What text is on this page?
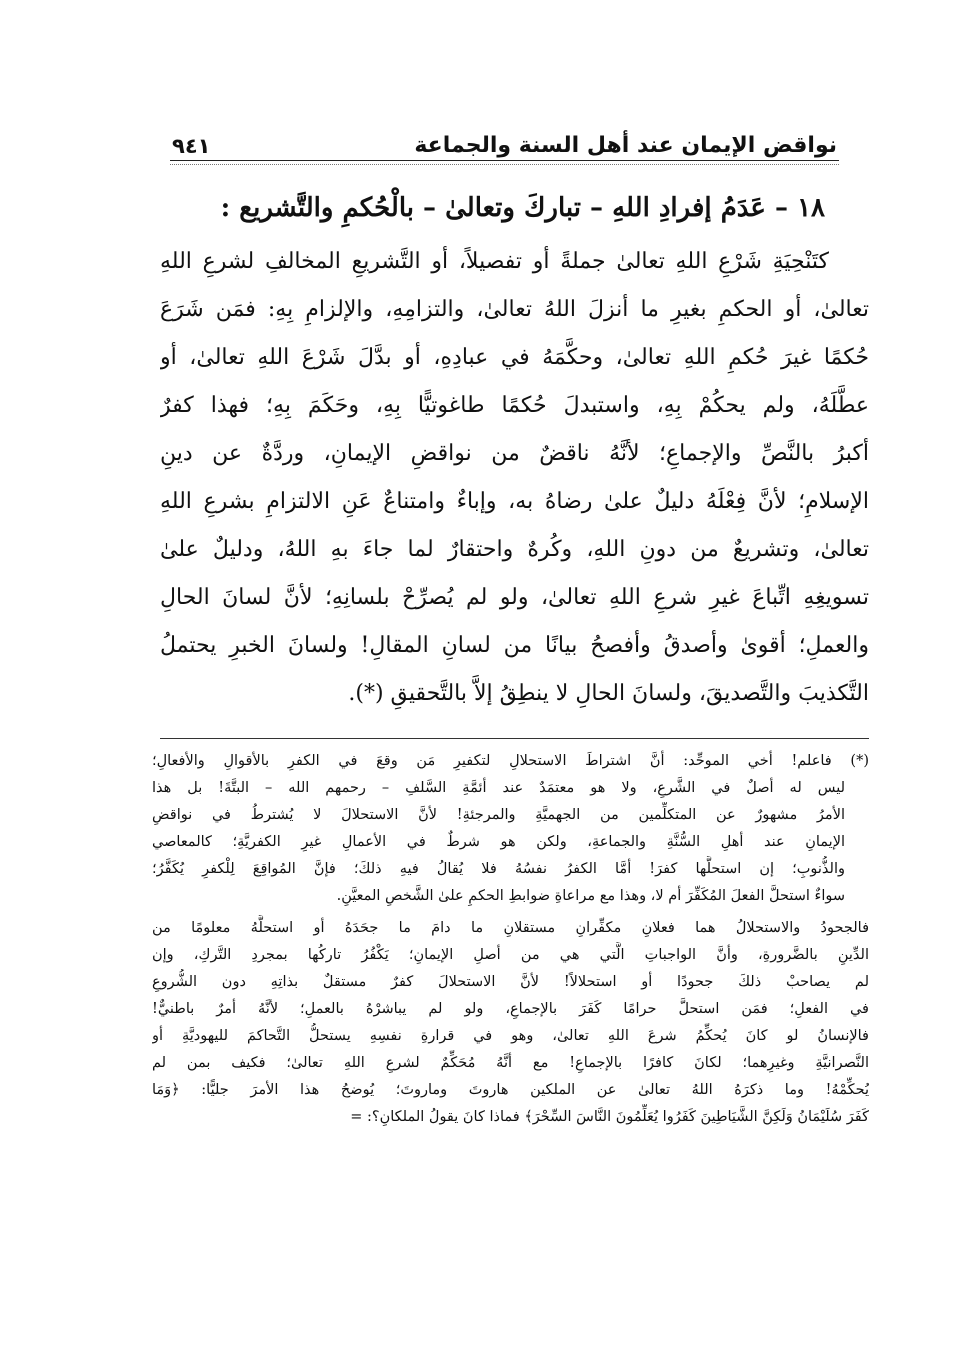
نواقض الإيمان عند أهل السنة والجماعة
٩٤١
١٨ – عَدَمُ إفرادِ اللهِ – تباركَ وتعالىٰ – بالْحُكمِ والتَّشريع :
كتَنْحِيَةِ شَرْعِ اللهِ تعالىٰ جملةً أو تفصيلاً، أو التَّشريعِ المخالفِ لشرعِ اللهِ
تعالىٰ، أو الحكمِ بغيرِ ما أنزلَ اللهُ تعالىٰ، والتزامِهِ، والإلزامِ بِهِ: فمَن شَرَعَ
حُكمًا غيرَ حُكمِ اللهِ تعالىٰ، وحكَّمَهُ في عبادِهِ، أو بدَّلَ شَرْعَ اللهِ تعالىٰ، أو
عطَّلَهُ، ولم يحكُمْ بِهِ، واستبدلَ حُكمًا طاغوتيًّا بِهِ، وحَكَمَ بِهِ؛ فهذا كفرٌ
أكبرُ بالنَّصِّ والإجماعِ؛ لأنَّهُ ناقضٌ من نواقضِ الإيمانِ، وردَّةٌ عن دينِ
الإسلامِ؛ لأنَّ فِعْلَهُ دليلٌ علىٰ رضاهُ به، وإباءٌ وامتناعٌ عَنِ الالتزامِ بشرعِ اللهِ
تعالىٰ، وتشريعٌ من دونِ اللهِ، وكُرهٌ واحتقارٌ لما جاءَ بهِ اللهُ، ودليلٌ علىٰ
تسويغِهِ اتِّباعَ غيرِ شرعِ اللهِ تعالىٰ، ولو لم يُصرِّحْ بلسانِهِ؛ لأنَّ لسانَ الحالِ
والعملِ؛ أقوىٰ وأصدقُ وأفصحُ بيانًا من لسانِ المقالِ! ولسانَ الخبرِ يحتملُ
التَّكذيبَ والتَّصديقَ، ولسانَ الحالِ لا ينطِقُ إلاَّ بالتَّحقيقِ (*).
(*) فاعلم! أخي الموحِّد: أنَّ اشتراطَ الاستحلالِ لتكفيرِ مَن وقعَ في الكفرِ بالأقوالِ والأفعالِ؛
ليس له أصلٌ في الشَّرعِ، ولا هو معتمَدٌ عند أئمَّةِ السَّلفِ – رحمهم الله – البتَّةَ! بل هذا
الأمرُ مشهورٌ عن المتكلِّمين من الجهميَّةِ والمرجئةِ! لأنَّ الاستحلالَ لا يُشترطُ في نواقضِ
الإيمانِ عند أهلِ السُّنَّةِ والجماعةِ، ولكن هو شرطٌ في الأعمالِ غيرِ الكفريَّةِ؛ كالمعاصي
والذُّنوبِ؛ إن استحلَّها كفرَ! أمَّا الكفرُ نفسُهُ فلا يُقالُ فيهِ ذلكَ؛ فإنَّ المُواقِعَ لِلْكفرِ يُكَفَّرُ؛
سواءٌ استحلَّ الفعلَ المُكَفِّرَ أم لا، وهذا مع مراعاةِ ضوابطِ الحكمِ علىٰ الشَّخصِ المعيَّنِ.
فالجحودُ والاستحلالُ هما فعلانِ مكفِّرانِ مستقلانِ ما دامَ ما جحَدَهُ أو استحلَّهُ معلومًا من
الدِّينِ بالضَّرورةِ، وأنَّ الواجباتِ الَّتي هي من أصلِ الإيمانِ؛ يَكْفُرُ تاركُها بمجردِ التَّركِ، وإن
لم يصاحبْ ذلكَ جحودًا أو استحلالاً! لأنَّ الاستحلالَ كفرٌ مستقلٌ بذاتِهِ دون الشُّروعِ
في الفعلِ؛ فمَن استحلَّ حرامًا كَفَرَ بالإجماعِ، ولو لم يباشرْهُ بالعملِ؛ لأنَّهُ أمرٌ باطنيٌّ!
فالإنسانُ لو كانَ يُحكِّمُ شرعَ اللهِ تعالىٰ، وهو في قرارةِ نفسِهِ يستحلُّ التَّحاكمَ لليهوديَّةِ أو
النَّصرانيَّةِ وغيرِهما؛ لكانَ كافرًا بالإجماعِ! مع أنَّهُ مُحَكِّمٌ لشرعِ اللهِ تعالىٰ؛ فكيف بمن لم
يُحكِّمْهُ! وما ذكرَهُ اللهُ تعالىٰ عن الملكين هاروتَ وماروتَ؛ يُوضحُ هذا الأمرَ جليًّا: ﴿وَمَا
كَفَرَ سُلَيْمَانُ وَلَكِنَّ الشَّيَاطِينَ كَفَرُوا يُعَلِّمُونَ النَّاسَ السِّحْرَ﴾ فماذا كانَ يقولُ الملكانِ؟: =
